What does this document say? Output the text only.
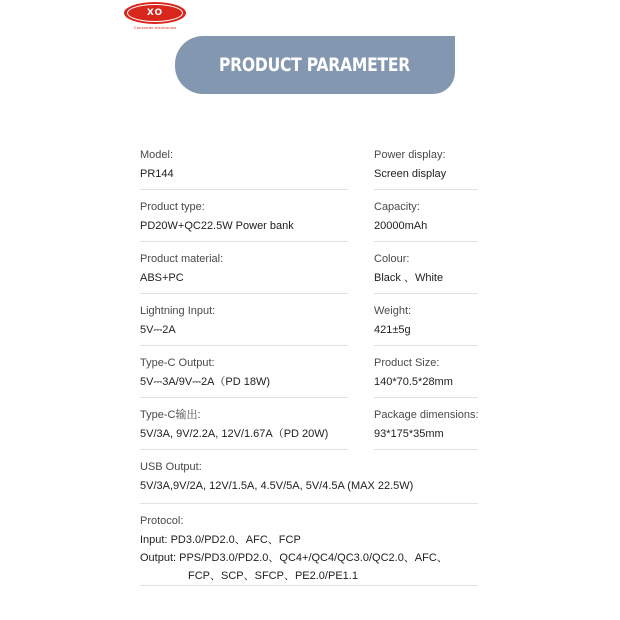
XO
Consumer electronics
PRODUCT PARAMETER
Model:
PR144
Power display:
Screen display
Product type:
PD20W+QC22.5W Power bank
Capacity:
20000mAh
Product material:
ABS+PC
Colour:
Black 、White
Lightning Input:
5V⎓2A
Weight:
421±5g
Type-C Output:
5V⎓3A/9V⎓2A（PD 18W)
Product Size:
140*70.5*28mm
Type-C输出:
5V/3A, 9V/2.2A, 12V/1.67A（PD 20W)
Package dimensions:
93*175*35mm
USB Output:
5V/3A,9V/2A, 12V/1.5A, 4.5V/5A, 5V/4.5A (MAX 22.5W)
Protocol:
Input: PD3.0/PD2.0、AFC、FCP
Output: PPS/PD3.0/PD2.0、QC4+/QC4/QC3.0/QC2.0、AFC、
FCP、SCP、SFCP、PE2.0/PE1.1
